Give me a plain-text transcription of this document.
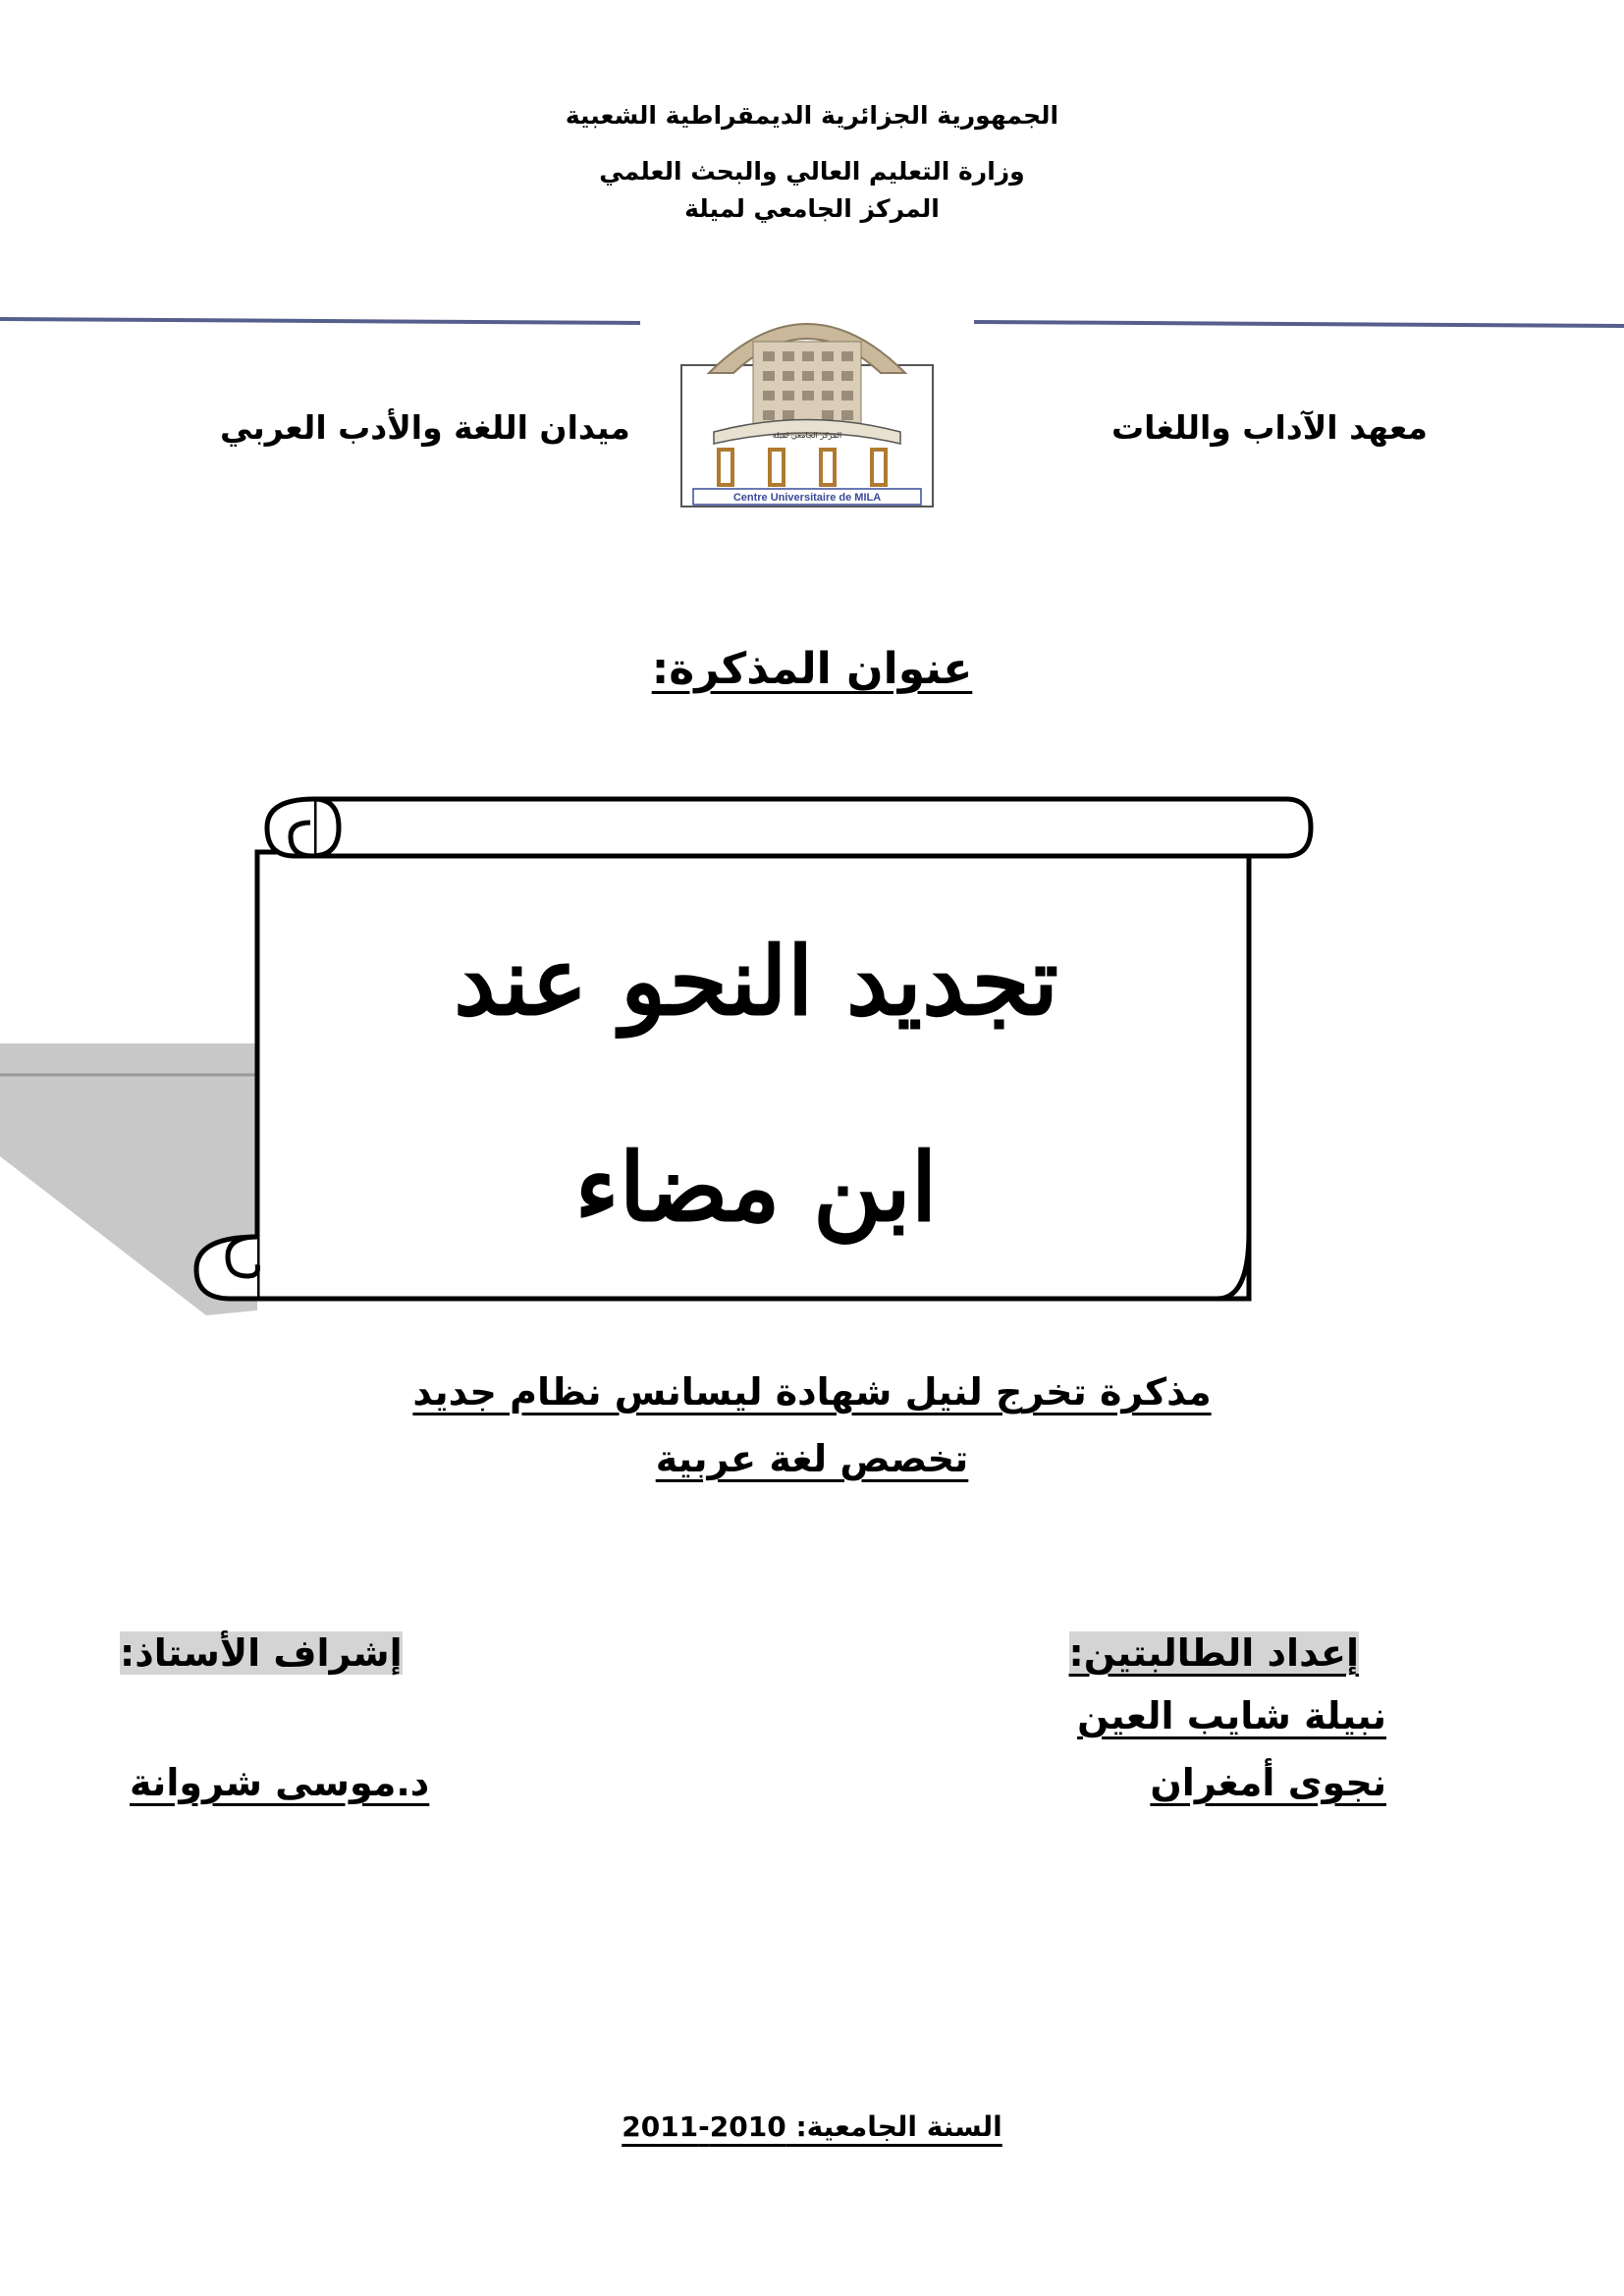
الجمهورية الجزائرية الديمقراطية الشعبية
وزارة التعليم العالي والبحث العلمي
المركز الجامعي لميلة
Centre Universitaire de MILA
المركز الجامعي لميلة	معهد الآداب واللغات
ميدان اللغة والأدب العربي
عنوان المذكرة:
تجديد النحو عند
ابن مضاء
مذكرة تخرج لنيل شهادة ليسانس نظام جديد
تخصص لغة عربية
إعداد الطالبتين:
نبيلة شايب العين
نجوى أمغران
إشراف الأستاذ:
د.موسى شروانة
السنة الجامعية: 2010-2011
